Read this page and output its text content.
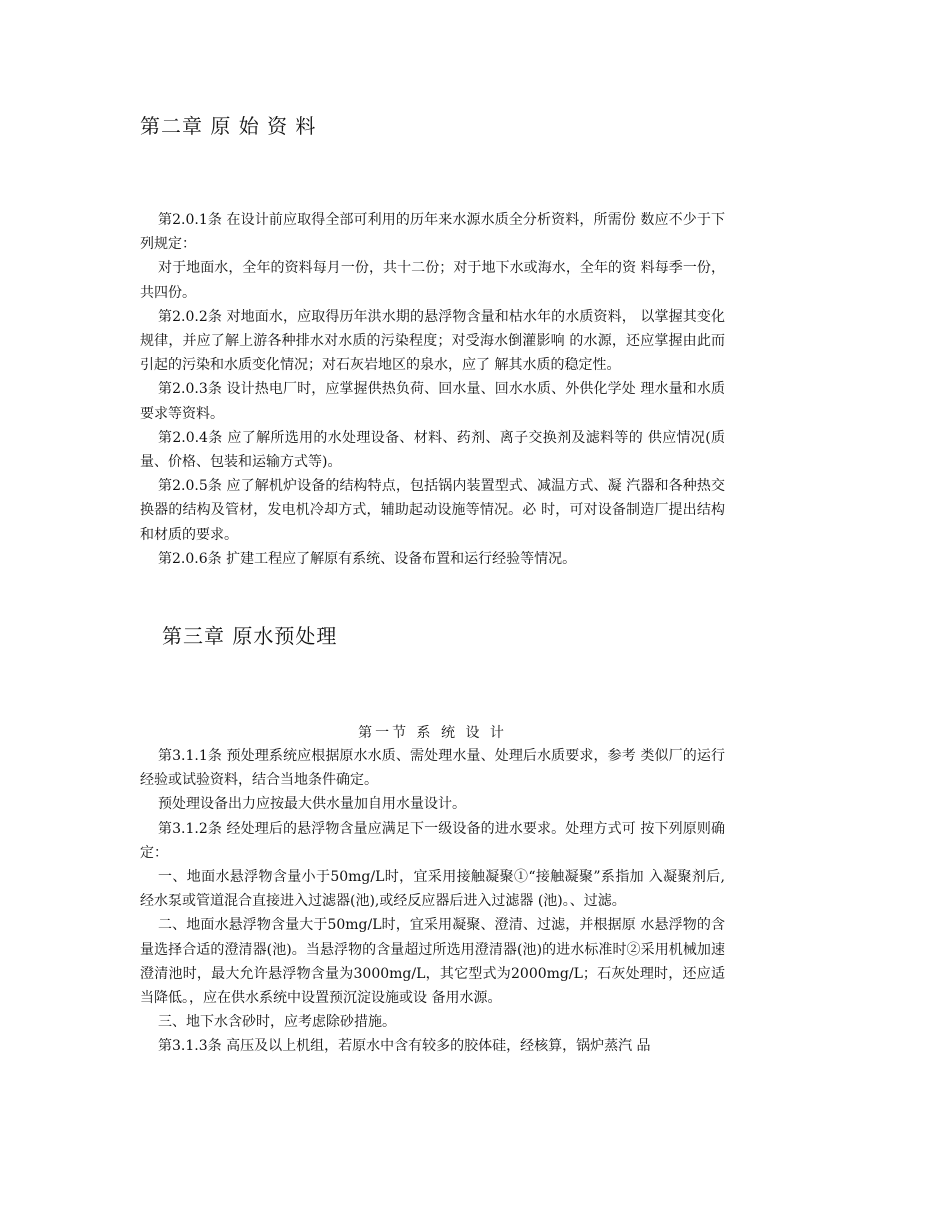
第二章 原 始 资 料

第2.0.1条 在设计前应取得全部可利用的历年来水源水质全分析资料，所需份 数应不少于下列规定：

对于地面水，全年的资料每月一份，共十二份；对于地下水或海水，全年的资 料每季一份，共四份。

第2.0.2条 对地面水，应取得历年洪水期的悬浮物含量和枯水年的水质资料， 以掌握其变化规律，并应了解上游各种排水对水质的污染程度；对受海水倒灌影响 的水源，还应掌握由此而引起的污染和水质变化情况；对石灰岩地区的泉水，应了 解其水质的稳定性。

第2.0.3条 设计热电厂时，应掌握供热负荷、回水量、回水水质、外供化学处 理水量和水质要求等资料。

第2.0.4条 应了解所选用的水处理设备、材料、药剂、离子交换剂及滤料等的 供应情况(质量、价格、包装和运输方式等)。

第2.0.5条 应了解机炉设备的结构特点，包括锅内装置型式、减温方式、凝 汽器和各种热交换器的结构及管材，发电机冷却方式，辅助起动设施等情况。必 时，可对设备制造厂提出结构和材质的要求。

第2.0.6条 扩建工程应了解原有系统、设备布置和运行经验等情况。

第三章 原水预处理
第一节 系 统 设 计

第3.1.1条 预处理系统应根据原水水质、需处理水量、处理后水质要求，参考 类似厂的运行经验或试验资料，结合当地条件确定。

预处理设备出力应按最大供水量加自用水量设计。

第3.1.2条 经处理后的悬浮物含量应满足下一级设备的进水要求。处理方式可 按下列原则确定：

一、地面水悬浮物含量小于50mg/L时，宜采用接触凝聚①“接触凝聚”系指加 入凝聚剂后,经水泵或管道混合直接进入过滤器(池),或经反应器后进入过滤器 (池)。、过滤。

二、地面水悬浮物含量大于50mg/L时，宜采用凝聚、澄清、过滤，并根据原 水悬浮物的含量选择合适的澄清器(池)。当悬浮物的含量超过所选用澄清器(池)的进水标准时②采用机械加速澄清池时，最大允许悬浮物含量为3000mg/L，其它型式为2000mg/L；石灰处理时，还应适当降低。，应在供水系统中设置预沉淀设施或设 备用水源。

三、地下水含砂时，应考虑除砂措施。

第3.1.3条 高压及以上机组，若原水中含有较多的胶体硅，经核算，锅炉蒸汽 品
